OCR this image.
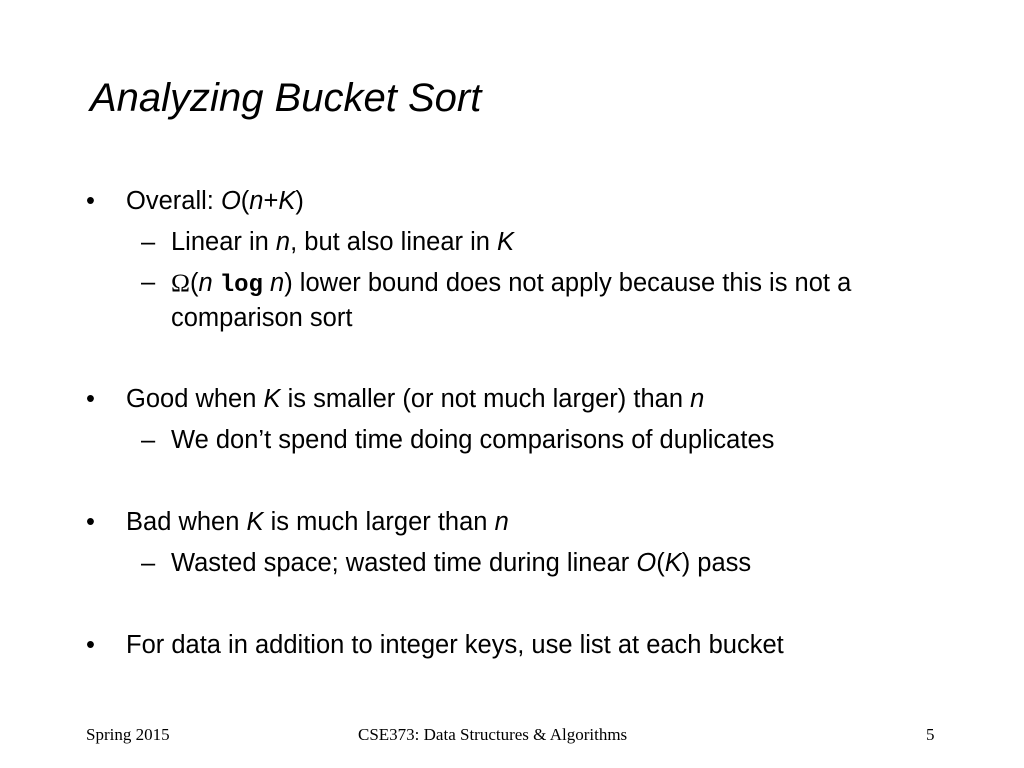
Analyzing Bucket Sort
• Overall: O(n+K)
– Linear in n, but also linear in K
– Ω(n log n) lower bound does not apply because this is not a
comparison sort
• Good when K is smaller (or not much larger) than n
– We don’t spend time doing comparisons of duplicates
• Bad when K is much larger than n
– Wasted space; wasted time during linear O(K) pass
• For data in addition to integer keys, use list at each bucket
Spring 2015	CSE373: Data Structures & Algorithms	5
